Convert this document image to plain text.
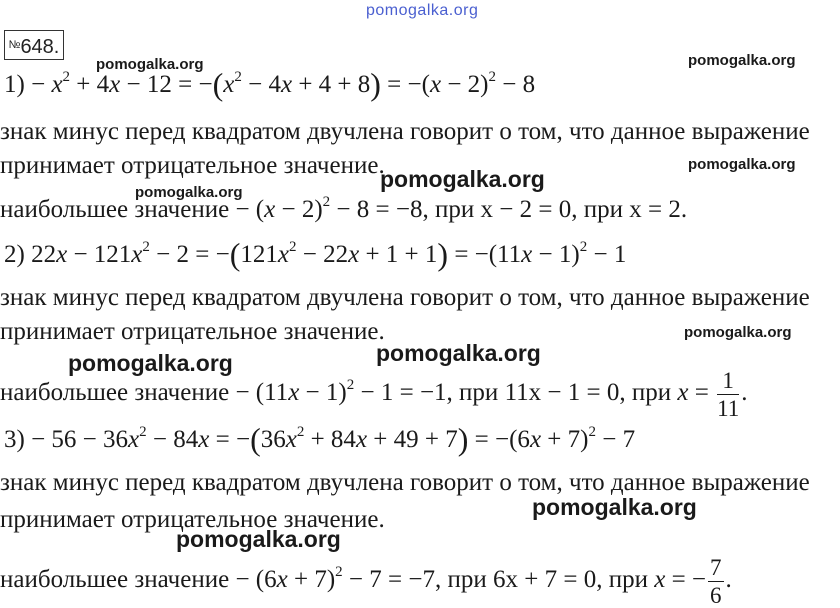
pomogalka.org
№648.
$1) - x^2 + 4x - 12 = -(x^2 - 4x + 4 + 8) = -(x - 2)^2 - 8$
знак минус перед квадратом двучлена говорит о том, что данное выражение
принимает отрицательное значение.
наибольшее значение − $(x - 2)^2 - 8 = -8$, при x − 2 = 0, при x = 2.
2) $22x - 121x^2 - 2 = -(121x^2 - 22x + 1 + 1) = -(11x - 1)^2 - 1$
знак минус перед квадратом двучлена говорит о том, что данное выражение
принимает отрицательное значение.
наибольшее значение − $(11x - 1)^2 - 1 = -1$, при 11x − 1 = 0, при $x = \frac{1}{11}$ .
$3) - 56 - 36x^2 - 84x = -(36x^2 + 84x + 49 + 7) = -(6x + 7)^2 - 7$
знак минус перед квадратом двучлена говорит о том, что данное выражение
принимает отрицательное значение.
наибольшее значение − $(6x + 7)^2 - 7 = -7$, при 6x + 7 = 0, при x = − $\frac{7}{6}$ .
pomogalka.org	pomogalka.org
pomogalka.org
pomogalka.org
pomogalka.org
pomogalka.org
pomogalka.org
pomogalka.org
pomogalka.org
pomogalka.org
